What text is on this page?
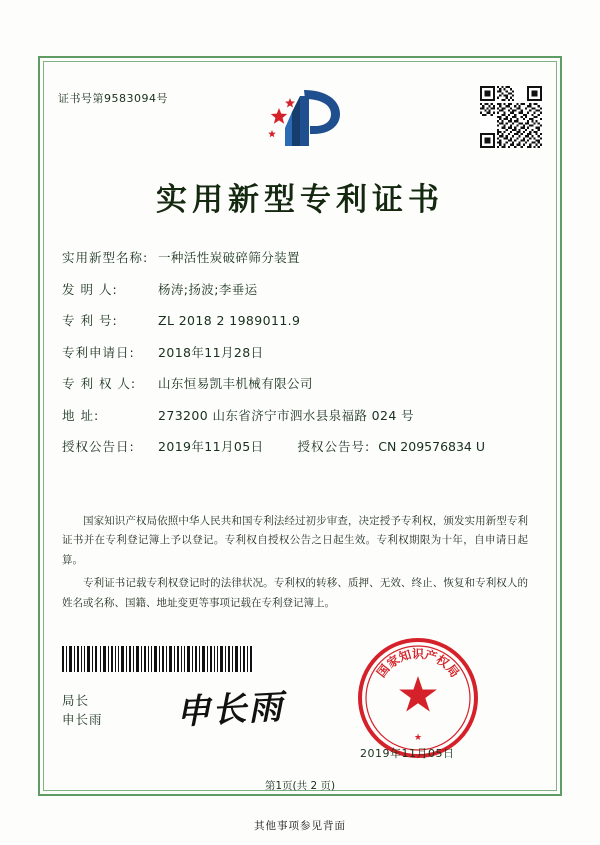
证书号第9583094号
实用新型专利证书
实用新型名称: 一种活性炭破碎筛分装置
发 明 人:	杨涛;扬波;李垂运
专 利 号:	ZL 2018 2 1989011.9
专利申请日:	2018年11月28日
专 利 权 人:	山东恒易凯丰机械有限公司
地 址:	273200 山东省济宁市泗水县泉福路 024 号
授权公告日:	2019年11月05日	授权公告号: CN 209576834 U

国家知识产权局依照中华人民共和国专利法经过初步审查，决定授予专利权，颁发实用新型专利证书并在专利登记簿上予以登记。专利权自授权公告之日起生效。专利权期限为十年，自申请日起算。

专利证书记载专利权登记时的法律状况。专利权的转移、质押、无效、终止、恢复和专利权人的姓名或名称、国籍、地址变更等事项记载在专利登记簿上。

局长
申长雨 申长雨
国
家
知 识 产
权
局
★
2019年11月05日
第1页(共 2 页)
其他事项参见背面
